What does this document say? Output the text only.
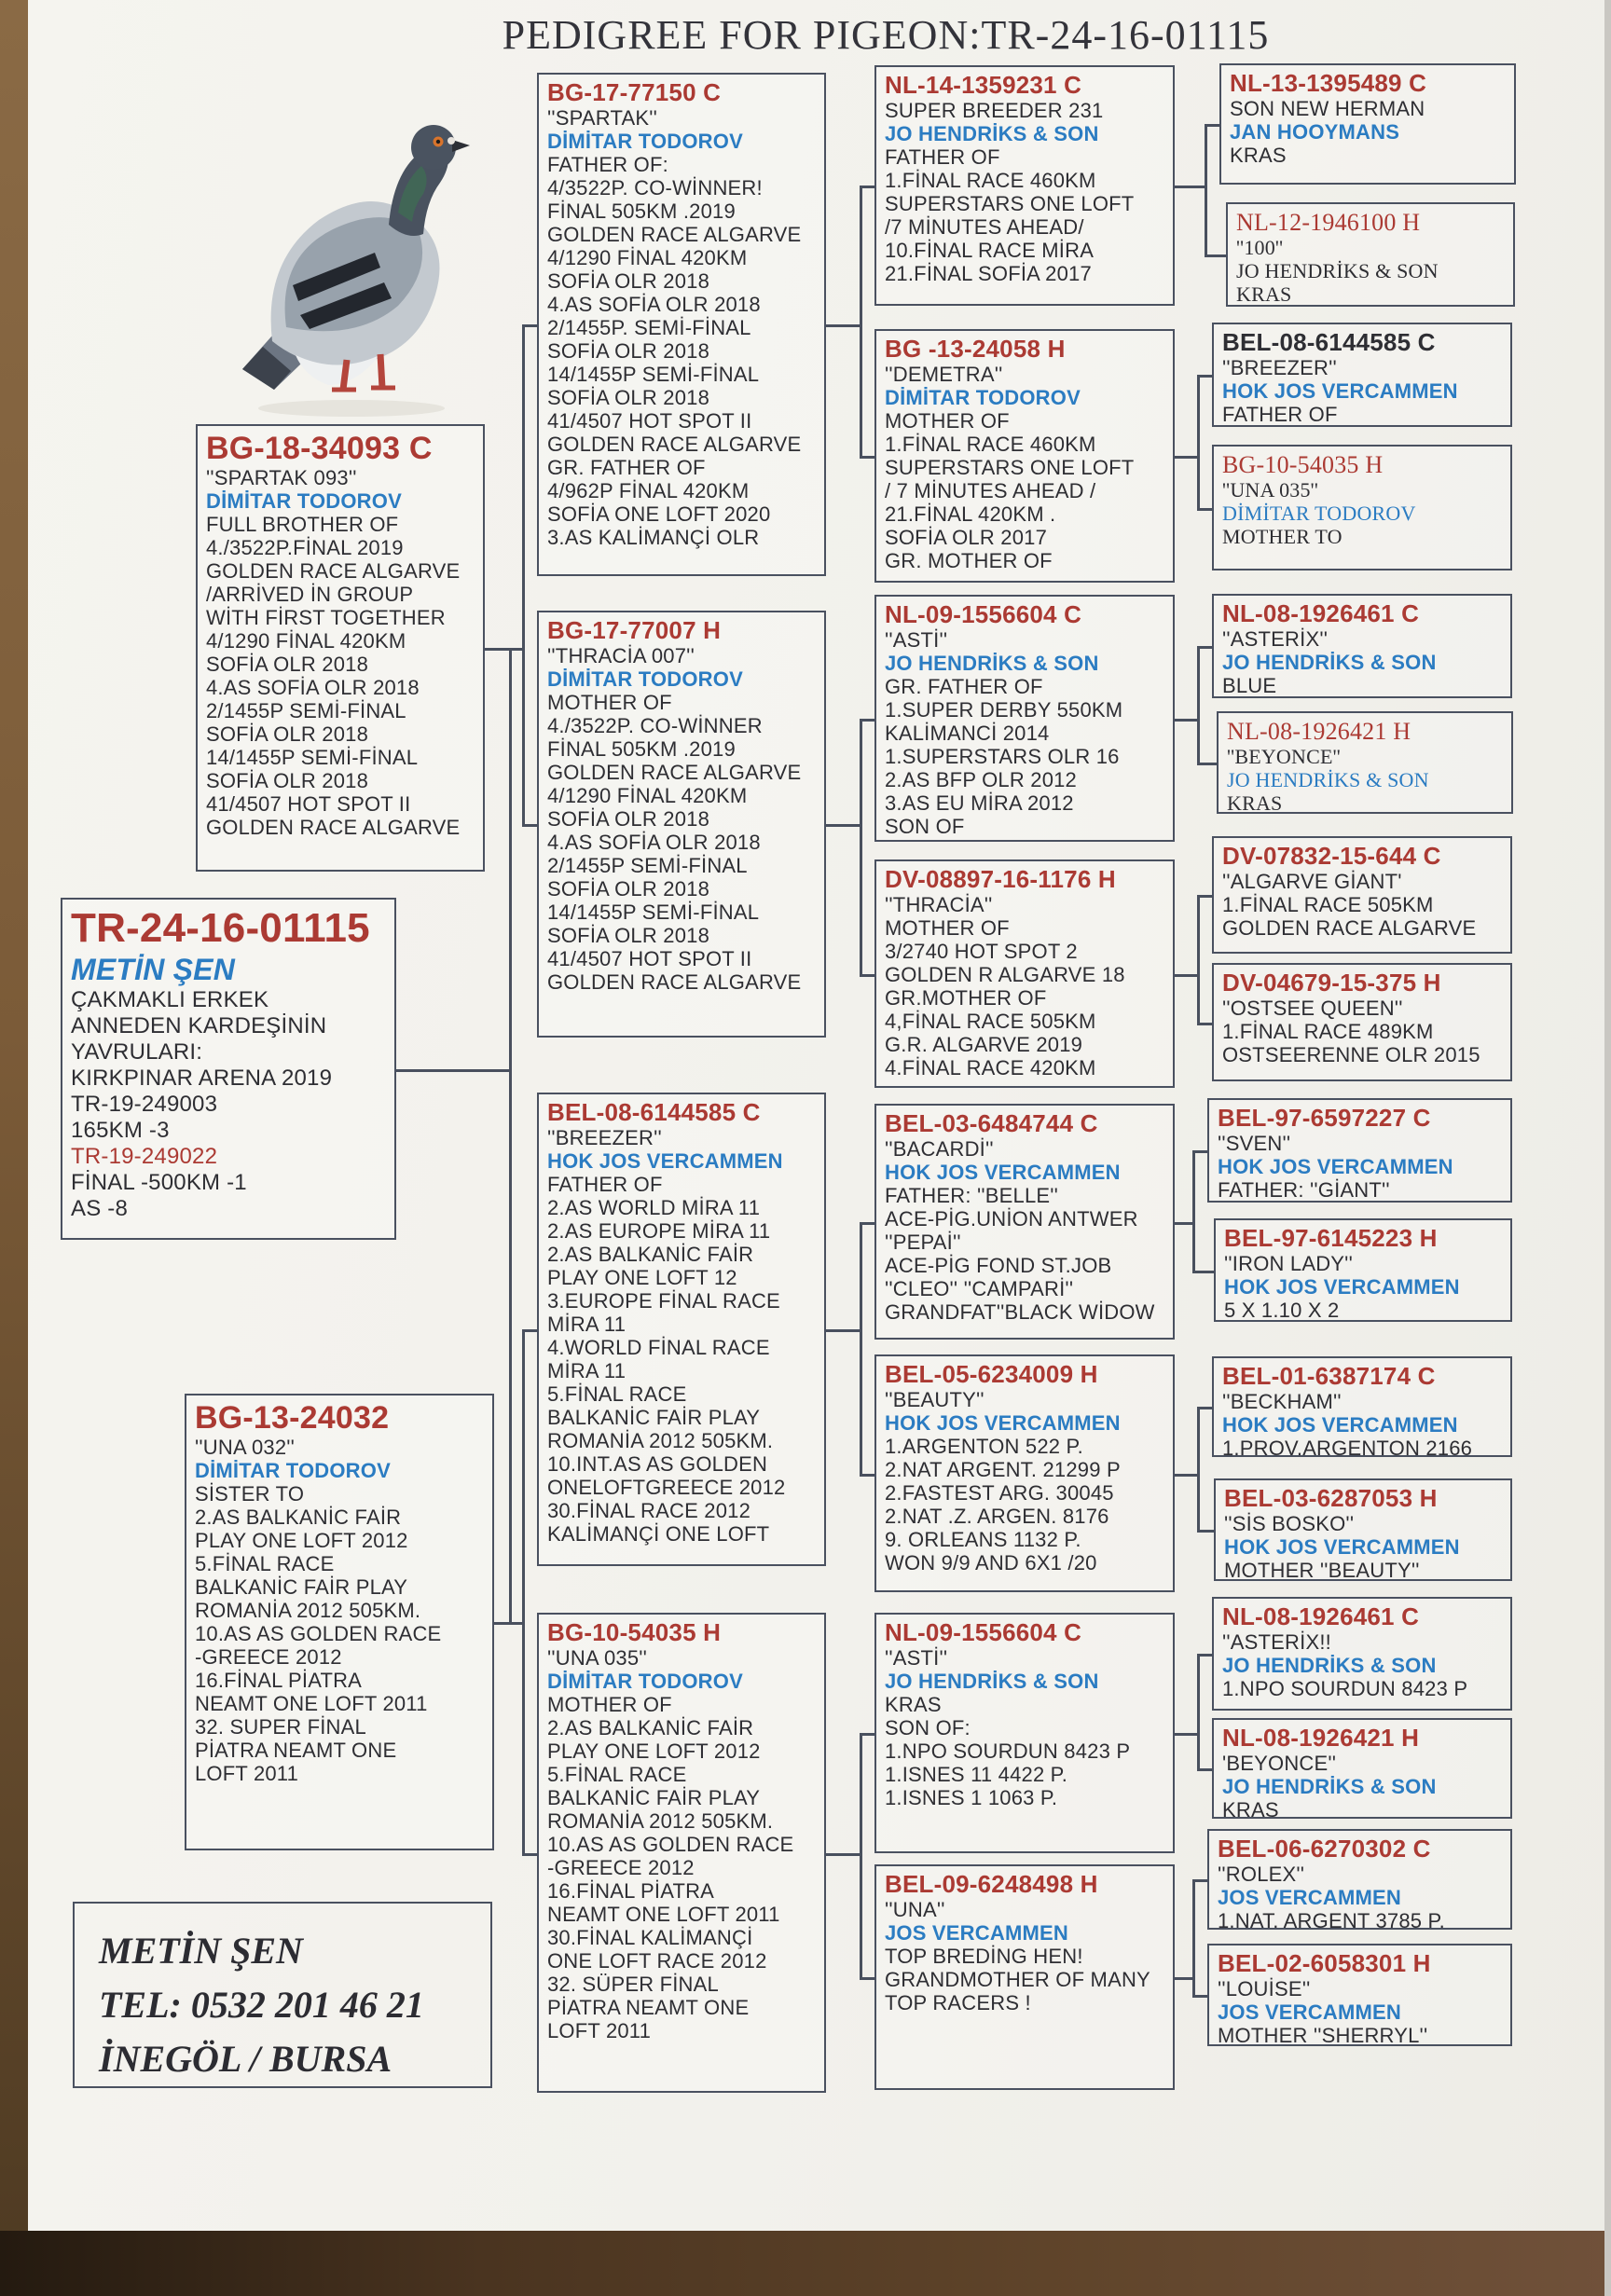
PEDIGREE FOR PIGEON:TR-24-16-01115
BG-18-34093 C
''SPARTAK 093''
DİMİTAR TODOROV
FULL BROTHER OF
4./3522P.FİNAL 2019
GOLDEN RACE ALGARVE
/ARRİVED İN GROUP
WİTH FİRST TOGETHER
4/1290 FİNAL 420KM
SOFİA OLR 2018
4.AS SOFİA OLR 2018
2/1455P SEMİ-FİNAL
SOFİA OLR 2018
14/1455P SEMİ-FİNAL
SOFİA OLR 2018
41/4507 HOT SPOT II
GOLDEN RACE ALGARVE
TR-24-16-01115
METİN ŞEN
ÇAKMAKLI ERKEK
ANNEDEN KARDEŞİNİN
YAVRULARI:
KIRKPINAR ARENA 2019
TR-19-249003
165KM -3
TR-19-249022
FİNAL -500KM -1
AS -8
BG-13-24032
''UNA 032''
DİMİTAR TODOROV
SİSTER TO
2.AS BALKANİC FAİR
PLAY ONE LOFT 2012
5.FİNAL RACE
BALKANİC FAİR PLAY
ROMANİA 2012 505KM.
10.AS AS GOLDEN RACE
-GREECE 2012
16.FİNAL PİATRA
NEAMT ONE LOFT 2011
32. SUPER FİNAL
PİATRA NEAMT ONE
LOFT 2011
BG-17-77150 C
''SPARTAK''
DİMİTAR TODOROV
FATHER OF:
4/3522P. CO-WİNNER!
FİNAL 505KM .2019
GOLDEN RACE ALGARVE
4/1290 FİNAL 420KM
SOFİA OLR 2018
4.AS SOFİA OLR 2018
2/1455P. SEMİ-FİNAL
SOFİA OLR 2018
14/1455P SEMİ-FİNAL
SOFİA OLR 2018
41/4507 HOT SPOT II
GOLDEN RACE ALGARVE
GR. FATHER OF
4/962P FİNAL 420KM
SOFİA ONE LOFT 2020
3.AS KALİMANÇİ OLR
BG-17-77007 H
''THRACİA 007''
DİMİTAR TODOROV
MOTHER OF
4./3522P. CO-WİNNER
FİNAL 505KM .2019
GOLDEN RACE ALGARVE
4/1290 FİNAL 420KM
SOFİA OLR 2018
4.AS SOFİA OLR 2018
2/1455P SEMİ-FİNAL
SOFİA OLR 2018
14/1455P SEMİ-FİNAL
SOFİA OLR 2018
41/4507 HOT SPOT II
GOLDEN RACE ALGARVE
BEL-08-6144585 C
''BREEZER''
HOK JOS VERCAMMEN
FATHER OF
2.AS WORLD MİRA 11
2.AS EUROPE MİRA 11
2.AS BALKANİC FAİR
PLAY ONE LOFT 12
3.EUROPE FİNAL RACE
MİRA 11
4.WORLD FİNAL RACE
MİRA 11
5.FİNAL RACE
BALKANİC FAİR PLAY
ROMANİA 2012 505KM.
10.INT.AS AS GOLDEN
ONELOFTGREECE 2012
30.FİNAL RACE 2012
KALİMANÇİ ONE LOFT
BG-10-54035 H
''UNA 035''
DİMİTAR TODOROV
MOTHER OF
2.AS BALKANİC FAİR
PLAY ONE LOFT 2012
5.FİNAL RACE
BALKANİC FAİR PLAY
ROMANİA 2012 505KM.
10.AS AS GOLDEN RACE
-GREECE 2012
16.FİNAL PİATRA
NEAMT ONE LOFT 2011
30.FİNAL KALİMANÇİ
ONE LOFT RACE 2012
32. SÜPER FİNAL
PİATRA NEAMT ONE
LOFT 2011
NL-14-1359231 C
SUPER BREEDER 231
JO HENDRİKS & SON
FATHER OF
1.FİNAL RACE 460KM
SUPERSTARS ONE LOFT
/7 MİNUTES AHEAD/
10.FİNAL RACE MİRA
21.FİNAL SOFİA 2017
BG -13-24058 H
''DEMETRA''
DİMİTAR TODOROV
MOTHER OF
1.FİNAL RACE 460KM
SUPERSTARS ONE LOFT
/ 7 MİNUTES AHEAD /
21.FİNAL 420KM .
SOFİA OLR 2017
GR. MOTHER OF
NL-09-1556604 C
''ASTİ''
JO HENDRİKS & SON
GR. FATHER OF
1.SUPER DERBY 550KM
KALİMANCİ 2014
1.SUPERSTARS OLR 16
2.AS BFP OLR 2012
3.AS EU MİRA 2012
SON OF
DV-08897-16-1176 H
''THRACİA''
MOTHER OF
3/2740 HOT SPOT 2
GOLDEN R ALGARVE 18
GR.MOTHER OF
4,FİNAL RACE 505KM
G.R. ALGARVE 2019
4.FİNAL RACE 420KM
BEL-03-6484744 C
''BACARDİ''
HOK JOS VERCAMMEN
FATHER: ''BELLE''
ACE-PİG.UNİON ANTWER
''PEPAİ''
ACE-PİG FOND ST.JOB
''CLEO'' ''CAMPARİ''
GRANDFAT''BLACK WİDOW
BEL-05-6234009 H
''BEAUTY''
HOK JOS VERCAMMEN
1.ARGENTON 522 P.
2.NAT ARGENT. 21299 P
2.FASTEST ARG. 30045
2.NAT .Z. ARGEN. 8176
9. ORLEANS 1132 P.
WON 9/9 AND 6X1 /20
NL-09-1556604 C
''ASTİ''
JO HENDRİKS & SON
KRAS
SON OF:
1.NPO SOURDUN 8423 P
1.ISNES 11 4422 P.
1.ISNES 1 1063 P.
BEL-09-6248498 H
''UNA''
JOS VERCAMMEN
TOP BREDİNG HEN!
GRANDMOTHER OF MANY
TOP RACERS !
NL-13-1395489 C
SON NEW HERMAN
JAN HOOYMANS
KRAS
NL-12-1946100 H
''100''
JO HENDRİKS & SON
KRAS
BEL-08-6144585 C
''BREEZER''
HOK JOS VERCAMMEN
FATHER OF
BG-10-54035 H
''UNA 035''
DİMİTAR TODOROV
MOTHER TO
NL-08-1926461 C
''ASTERİX''
JO HENDRİKS & SON
BLUE
NL-08-1926421 H
''BEYONCE''
JO HENDRİKS & SON
KRAS
DV-07832-15-644 C
''ALGARVE GİANT'
1.FİNAL RACE 505KM
GOLDEN RACE ALGARVE
DV-04679-15-375 H
''OSTSEE QUEEN''
1.FİNAL RACE 489KM
OSTSEERENNE OLR 2015
BEL-97-6597227 C
''SVEN''
HOK JOS VERCAMMEN
FATHER: ''GİANT''
BEL-97-6145223 H
''IRON LADY''
HOK JOS VERCAMMEN
5 X 1.10 X 2
BEL-01-6387174 C
''BECKHAM''
HOK JOS VERCAMMEN
1.PROV.ARGENTON 2166
BEL-03-6287053 H
''SİS BOSKO''
HOK JOS VERCAMMEN
MOTHER ''BEAUTY''
NL-08-1926461 C
''ASTERİX!!
JO HENDRİKS & SON
1.NPO SOURDUN 8423 P
NL-08-1926421 H
'BEYONCE''
JO HENDRİKS & SON
KRAS
BEL-06-6270302 C
''ROLEX''
JOS VERCAMMEN
1.NAT. ARGENT 3785 P.
BEL-02-6058301 H
''LOUİSE''
JOS VERCAMMEN
MOTHER ''SHERRYL''
METİN ŞEN
TEL: 0532 201 46 21
İNEGÖL / BURSA
